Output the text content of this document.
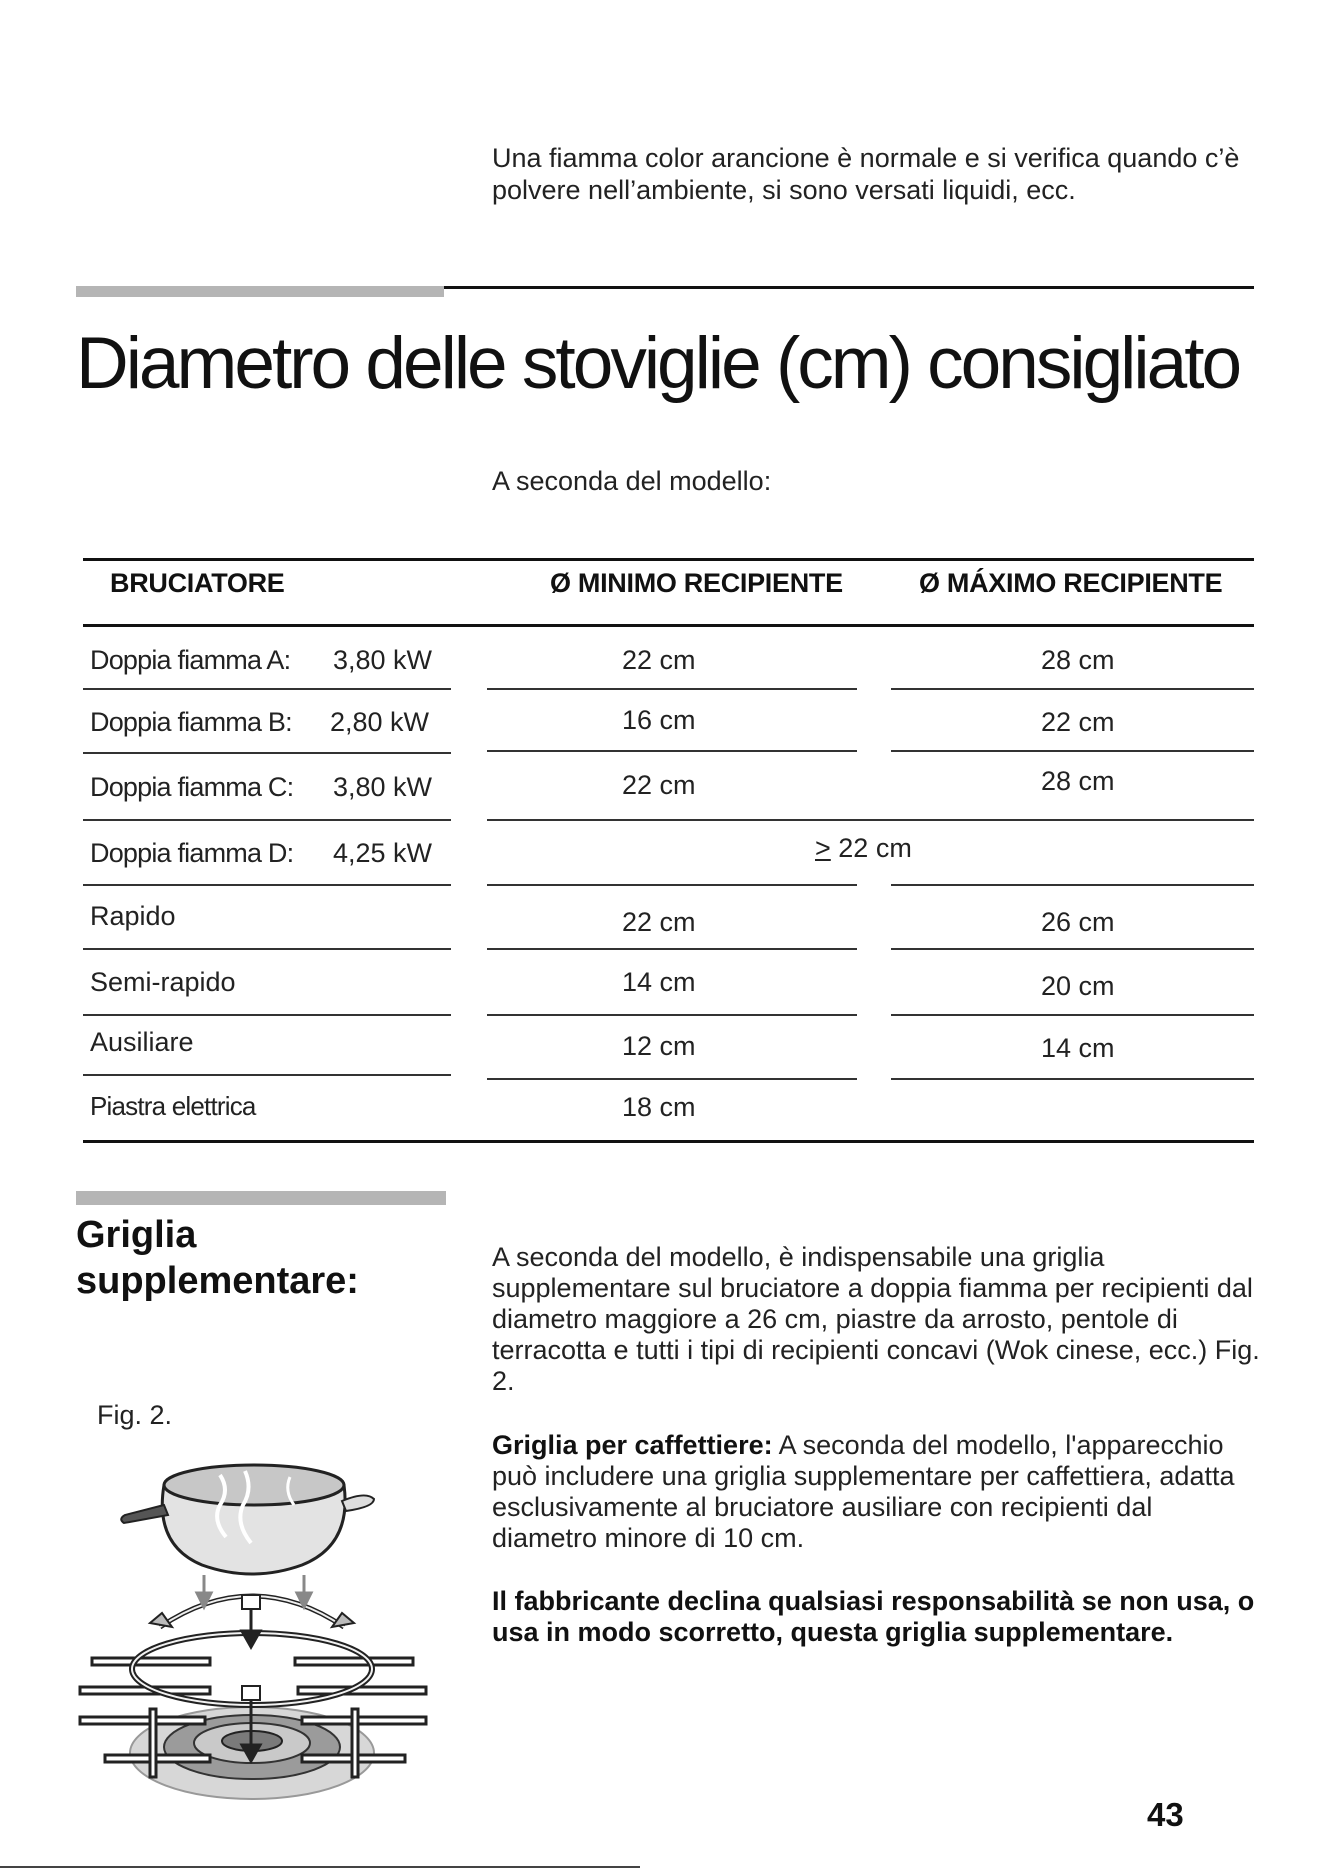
Una fiamma color arancione è normale e si verifica quando c’è polvere nell’ambiente, si sono versati liquidi, ecc.
Diametro delle stoviglie (cm) consigliato
A seconda del modello:
BRUCIATORE	Ø MINIMO RECIPIENTE	Ø MÁXIMO RECIPIENTE
Doppia fiamma A: 3,80 kW	22 cm	28 cm
Doppia fiamma B: 2,80 kW	16 cm	22 cm
Doppia fiamma C: 3,80 kW	22 cm	28 cm
Doppia fiamma D: 4,25 kW	≥ 22 cm
Rapido	22 cm	26 cm
Semi-rapido	14 cm	20 cm
Ausiliare	12 cm	14 cm
Piastra elettrica	18 cm
Griglia
supplementare:
Fig. 2.
A seconda del modello, è indispensabile una griglia supplementare sul bruciatore a doppia fiamma per recipienti dal diametro maggiore a 26 cm, piastre da arrosto, pentole di terracotta e tutti i tipi di recipienti concavi (Wok cinese, ecc.) Fig. 2.
Griglia per caffettiere: A seconda del modello, l'apparecchio può includere una griglia supplementare per caffettiera, adatta esclusivamente al bruciatore ausiliare con recipienti dal diametro minore di 10 cm.
Il fabbricante declina qualsiasi responsabilità se non usa, o usa in modo scorretto, questa griglia supplementare.
43
